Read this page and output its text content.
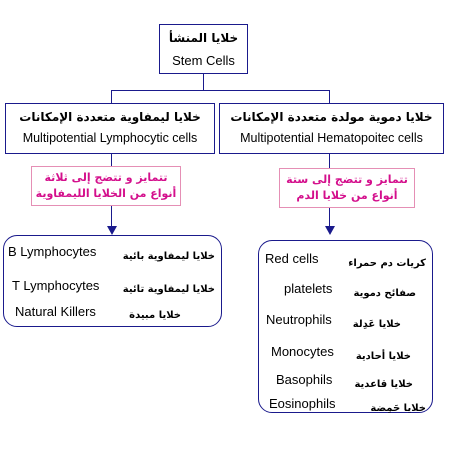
خلايا المنشأ
Stem Cells
خلايا ليمفاوية متعددة الإمكانات
Multipotential Lymphocytic cells
خلايا دموية مولدة متعددة الإمكانات
Multipotential Hematopoitec cells
تتمايز و تتضج إلى ثلاثة
أنواع من الخلايا الليمفاوية
تتمايز و تتضج إلى ستة
أنواع من خلايا الدم
B Lymphocytes	خلايا ليمفاوية بائية
T Lymphocytes خلايا ليمفاوية تائية
Natural Killers	خلايا مبيدة
Red cells	كريات دم حمراء
platelets صفائح دموية
Neutrophils خلايا عَدِلة
Monocytes خلايا أحادية
Basophils خلايا قاعدية
Eosinophils	خلايا حَمِضة
